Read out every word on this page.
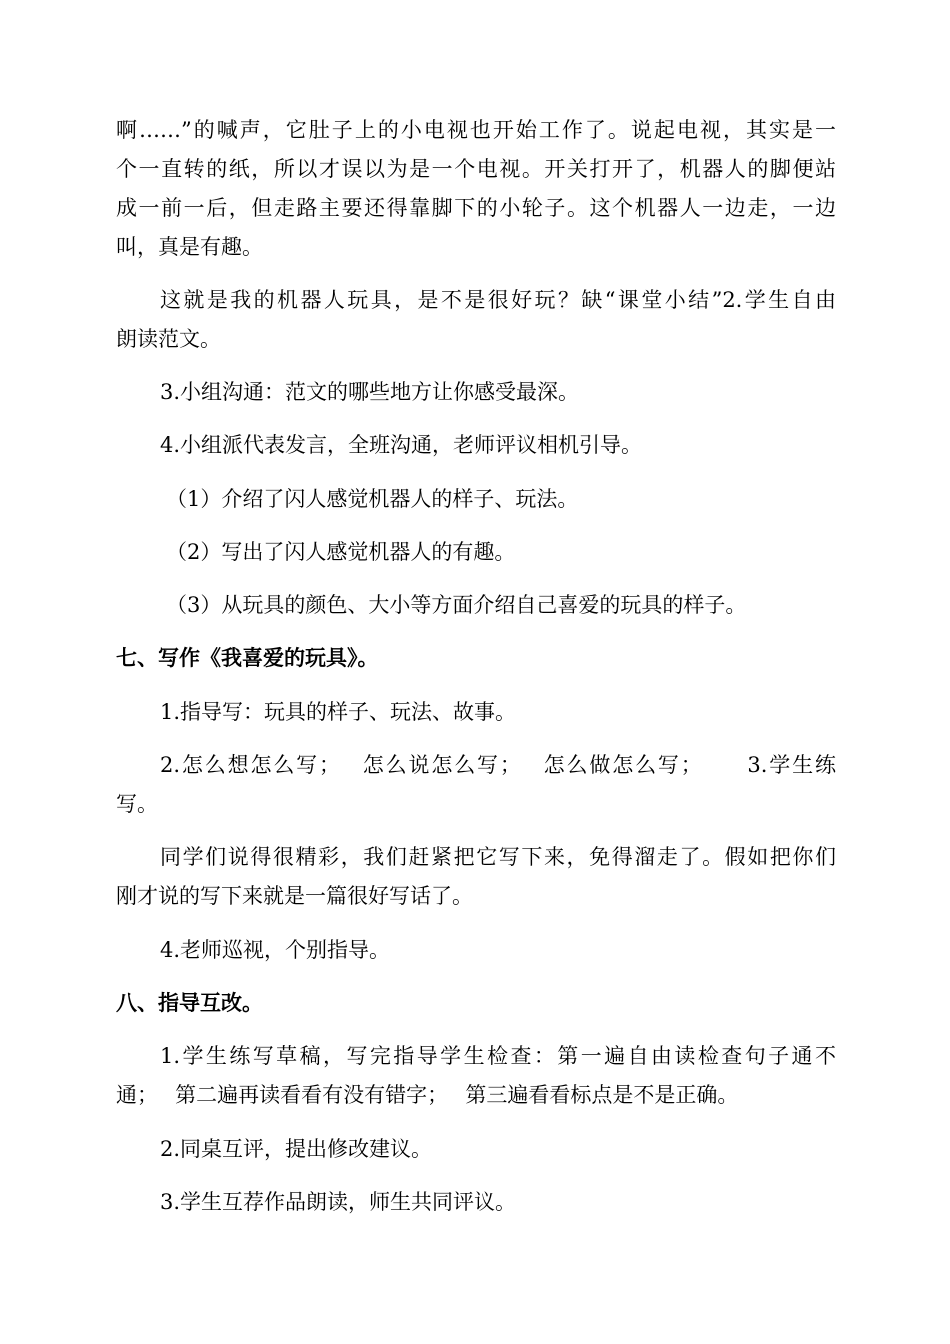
啊……”的喊声，它肚子上的小电视也开始工作了。说起电视，其实是一
个一直转的纸，所以才误以为是一个电视。开关打开了，机器人的脚便站
成一前一后，但走路主要还得靠脚下的小轮子。这个机器人一边走，一边
叫，真是有趣。
这就是我的机器人玩具，是不是很好玩？缺“课堂小结”2.学生自由
朗读范文。
3.小组沟通：范文的哪些地方让你感受最深。
4.小组派代表发言，全班沟通，老师评议相机引导。
（1）介绍了闪人感觉机器人的样子、玩法。
（2）写出了闪人感觉机器人的有趣。
（3）从玩具的颜色、大小等方面介绍自己喜爱的玩具的样子。
七、写作《我喜爱的玩具》。
1.指导写：玩具的样子、玩法、故事。
2.怎么想怎么写；　 怎么说怎么写；　 怎么做怎么写；　　 3.学生练
写。
同学们说得很精彩，我们赶紧把它写下来，免得溜走了。假如把你们
刚才说的写下来就是一篇很好写话了。
4.老师巡视，个别指导。
八、指导互改。
1.学生练写草稿，写完指导学生检查：第一遍自由读检查句子通不
通；　 第二遍再读看看有没有错字；　 第三遍看看标点是不是正确。
2.同桌互评，提出修改建议。
3.学生互荐作品朗读，师生共同评议。
